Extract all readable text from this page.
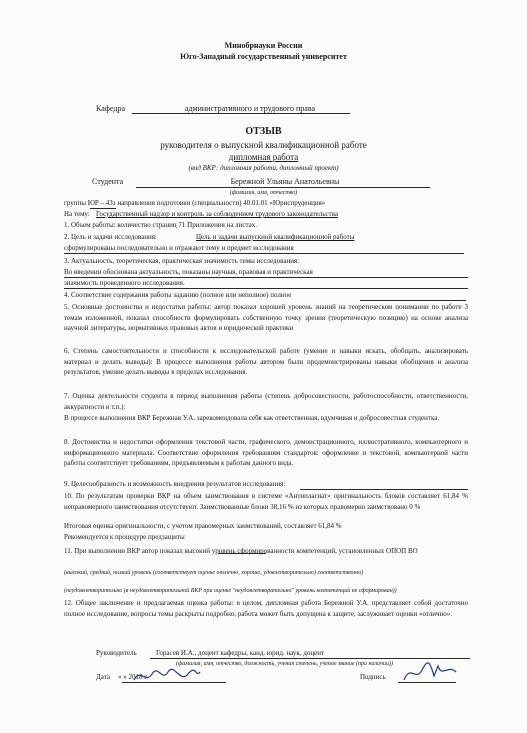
Минобрнауки России
Юго-Западный государственный университет
Кафедра	административного и трудового права
ОТЗЫВ
руководителя о выпускной квалификационной работе
дипломная работа
(вид ВКР: дипломная работа, дипломный проект)
Студента	Бережной Ульяны Анатольевны
(фамилия, имя, отчество)
группы ЮР – 43з направления подготовки (специальности) 40.01.01 «Юриспруденция»
На тему: Государственный надзор и контроль за соблюдением трудового законодательства
1. Объем работы: количество страниц 71 Приложения на листах.
2. Цель и задачи исследования:	Цель и задачи выпускной квалификационной работы
сформулированы последовательно и отражают тему и предмет исследования
3. Актуальность, теоретическая, практическая значимость темы исследования:
Во введении обоснована актуальность, показаны научная, правовая и практическая
значимость проведенного исследования.
4. Соответствие содержания работы заданию (полное или неполное) полное
5. Основные достоинства и недостатки работы: автор показал хорошей уровень знаний на теоретическом понимании по работе 3 темам изложенной, показал способности формулировать собственную точку зрения (теоретическую позицию) на основе анализа научной литературы, нормативных правовых актов и юридической практики
6. Степень самостоятельности и способности к исследовательской работе (умение и навыки искать, обобщать, анализировать материал и делать выводы): В процессе выполнения работы автором были продемонстрированы навыки обобщения и анализа результатов, умение делать выводы в пределах исследования.
7. Оценка деятельности студента в период выполнения работы (степень добросовестности, работоспособности, ответственности, аккуратности и т.п.):
В процессе выполнения ВКР Бережная У.А. зарекомендовала себя как ответственная, вдумчивая и добросовестная студентка.
8. Достоинства и недостатки оформления текстовой части, графического, демонстрационного, иллюстративного, компьютерного и информационного материала. Соответствие оформления требованиям стандартов: оформление и текстовой, компьютерной части работы соответствует требованиям, предъявляемым к работам данного вида.
9. Целесообразность и возможность внедрения результатов исследования:
10. По результатам проверки ВКР на объем заимствования в системе «Антиплагиат» оригинальность блоков составляет 61,84 % неправомерного заимствования отсутствуют. Заимствованные блоки 38,16 % из которых правомерно заимствовано 0 %
Итоговая оценка оригинальности, с учетом правомерных заимствований, составляет 61,84 %
Рекомендуется к процедуре предзащиты
11. При выполнении ВКР автор показал высокий уровень сформированности компетенций, установленных ОПОП ВО
(высокий, средний, низкий уровень (соответствует оценке отлично, хорошо, удовлетворительно) соответственно)
(неудовлетворительно (в неудовлетворительной ВКР при оценке "неудовлетворительно" уровень компетенций не сформирован))
12. Общее заключение и предлагаемая оценка работы: в целом, дипломная работа Бережной У.А. представляет собой достаточно полное исследование, вопросы темы раскрыты подробно, работа может быть допущена к защите, заслуживает оценки «отлично».
Руководитель	Горасев И.А., доцент кафедры, канд. юрид. наук, доцент
(фамилия, имя, отчество, должность, ученая степень, ученое звание (при наличии))
Дата « » 2018 г.	Подпись
